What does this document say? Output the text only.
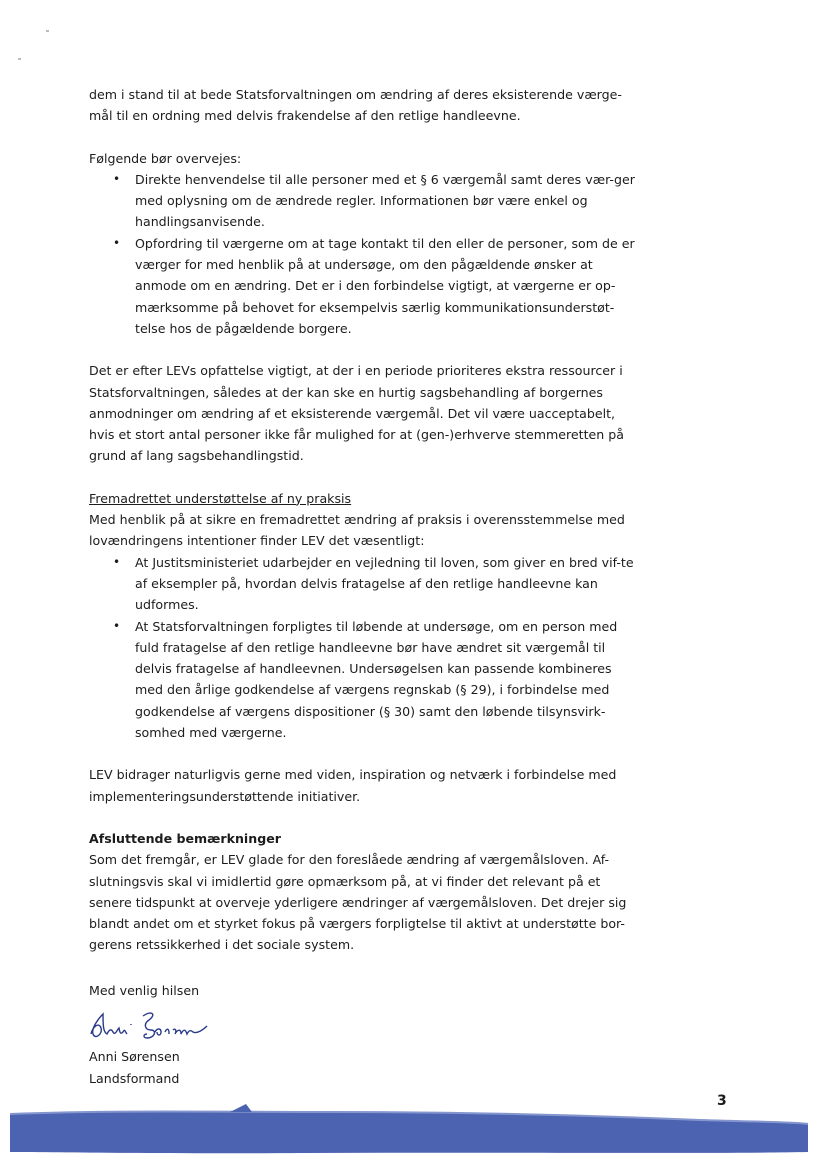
dem i stand til at bede Statsforvaltningen om ændring af deres eksisterende værge-mål til en ordning med delvis frakendelse af den retlige handleevne.

Følgende bør overvejes:

• Direkte henvendelse til alle personer med et § 6 værgemål samt deres vær-ger med oplysning om de ændrede regler. Informationen bør være enkel og handlingsanvisende.
• Opfordring til værgerne om at tage kontakt til den eller de personer, som de er værger for med henblik på at undersøge, om den pågældende ønsker at anmode om en ændring. Det er i den forbindelse vigtigt, at værgerne er op-mærksomme på behovet for eksempelvis særlig kommunikationsunderstøt-telse hos de pågældende borgere.

Det er efter LEVs opfattelse vigtigt, at der i en periode prioriteres ekstra ressourcer i Statsforvaltningen, således at der kan ske en hurtig sagsbehandling af borgernes anmodninger om ændring af et eksisterende værgemål. Det vil være uacceptabelt, hvis et stort antal personer ikke får mulighed for at (gen-)erhverve stemmeretten på grund af lang sagsbehandlingstid.

Fremadrettet understøttelse af ny praksis

Med henblik på at sikre en fremadrettet ændring af praksis i overensstemmelse med lovændringens intentioner finder LEV det væsentligt:

• At Justitsministeriet udarbejder en vejledning til loven, som giver en bred vif-te af eksempler på, hvordan delvis fratagelse af den retlige handleevne kan udformes.
• At Statsforvaltningen forpligtes til løbende at undersøge, om en person med fuld fratagelse af den retlige handleevne bør have ændret sit værgemål til delvis fratagelse af handleevnen. Undersøgelsen kan passende kombineres med den årlige godkendelse af værgens regnskab (§ 29), i forbindelse med godkendelse af værgens dispositioner (§ 30) samt den løbende tilsynsvirk-somhed med værgerne.

LEV bidrager naturligvis gerne med viden, inspiration og netværk i forbindelse med implementeringsunderstøttende initiativer.

Afsluttende bemærkninger

Som det fremgår, er LEV glade for den foreslåede ændring af værgemålsloven. Af-slutningsvis skal vi imidlertid gøre opmærksom på, at vi finder det relevant på et senere tidspunkt at overveje yderligere ændringer af værgemålsloven. Det drejer sig blandt andet om et styrket fokus på værgers forpligtelse til aktivt at understøtte bor-gerens retssikkerhed i det sociale system.

Med venlig hilsen

Anni Sørensen

Landsformand

3
